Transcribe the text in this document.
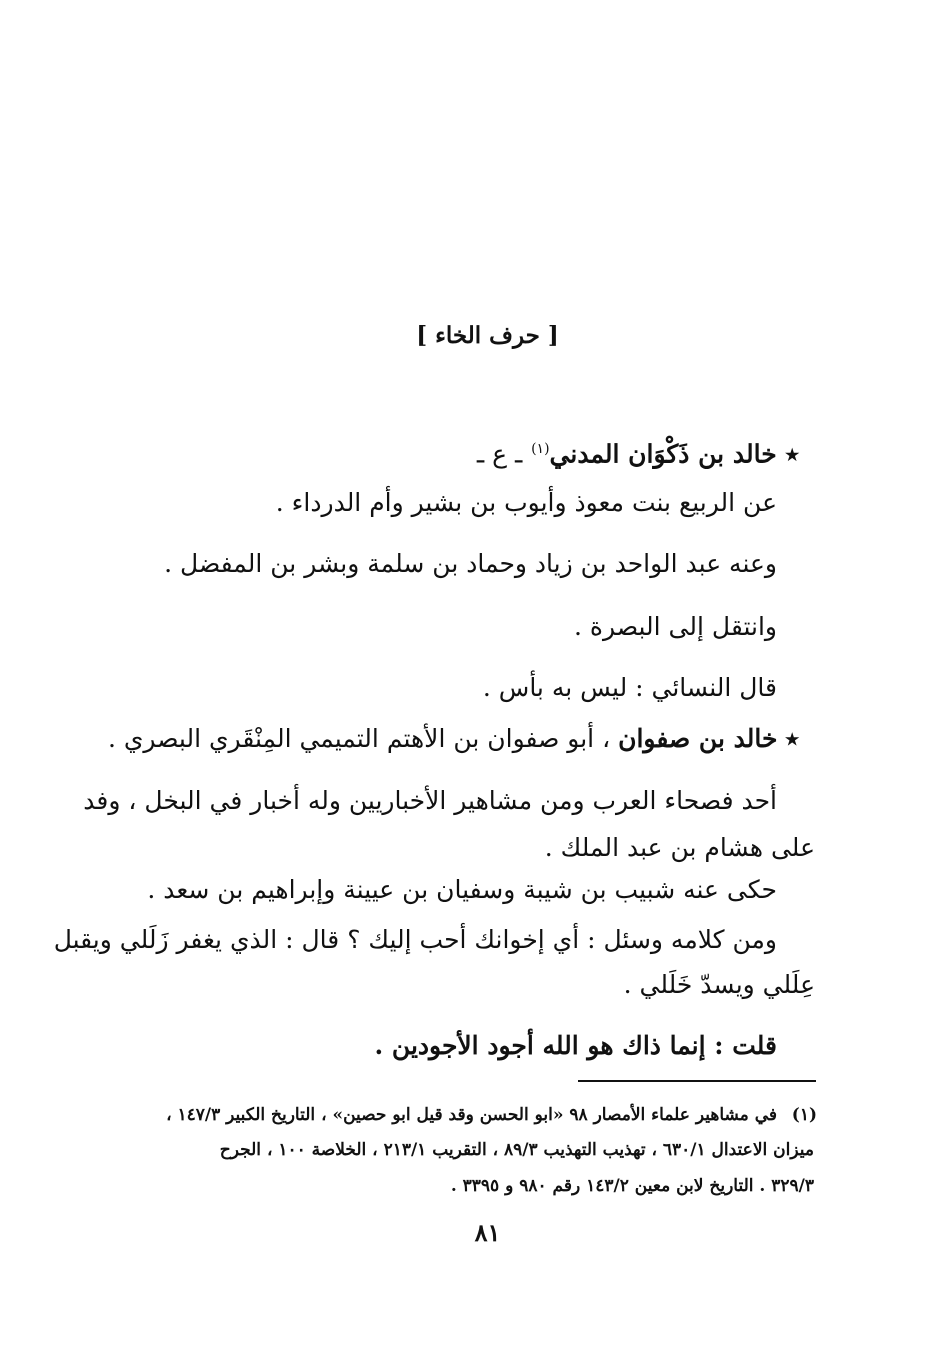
[ حرف الخاء ]
٭ خالد بن ذَكْوَان المدني$^{(١)}$ ـ ع ـ
عن الربيع بنت معوذ وأيوب بن بشير وأم الدرداء .
وعنه عبد الواحد بن زياد وحماد بن سلمة وبشر بن المفضل .
وانتقل إلى البصرة .
قال النسائي : ليس به بأس .
٭ خالد بن صفوان ، أبو صفوان بن الأهتم التميمي المِنْقَري البصري .
أحد فصحاء العرب ومن مشاهير الأخباريين وله أخبار في البخل ، وفد
على هشام بن عبد الملك .
حكى عنه شبيب بن شيبة وسفيان بن عيينة وإبراهيم بن سعد .
ومن كلامه وسئل : أي إخوانك أحب إليك ؟ قال : الذي يغفر زَلَلي ويقبل
عِلَلي ويسدّ خَلَلي .
قلت : إنما ذاك هو الله أجود الأجودين .
(١)
في مشاهير علماء الأمصار ٩٨ «ابو الحسن وقد قيل ابو حصين» ، التاريخ الكبير ١٤٧/٣ ،
ميزان الاعتدال ٦٣٠/١ ، تهذيب التهذيب ٨٩/٣ ، التقريب ٢١٣/١ ، الخلاصة ١٠٠ ، الجرح
٣٢٩/٣ . التاريخ لابن معين ١٤٣/٢ رقم ٩٨٠ و ٣٣٩٥ .
٨١
